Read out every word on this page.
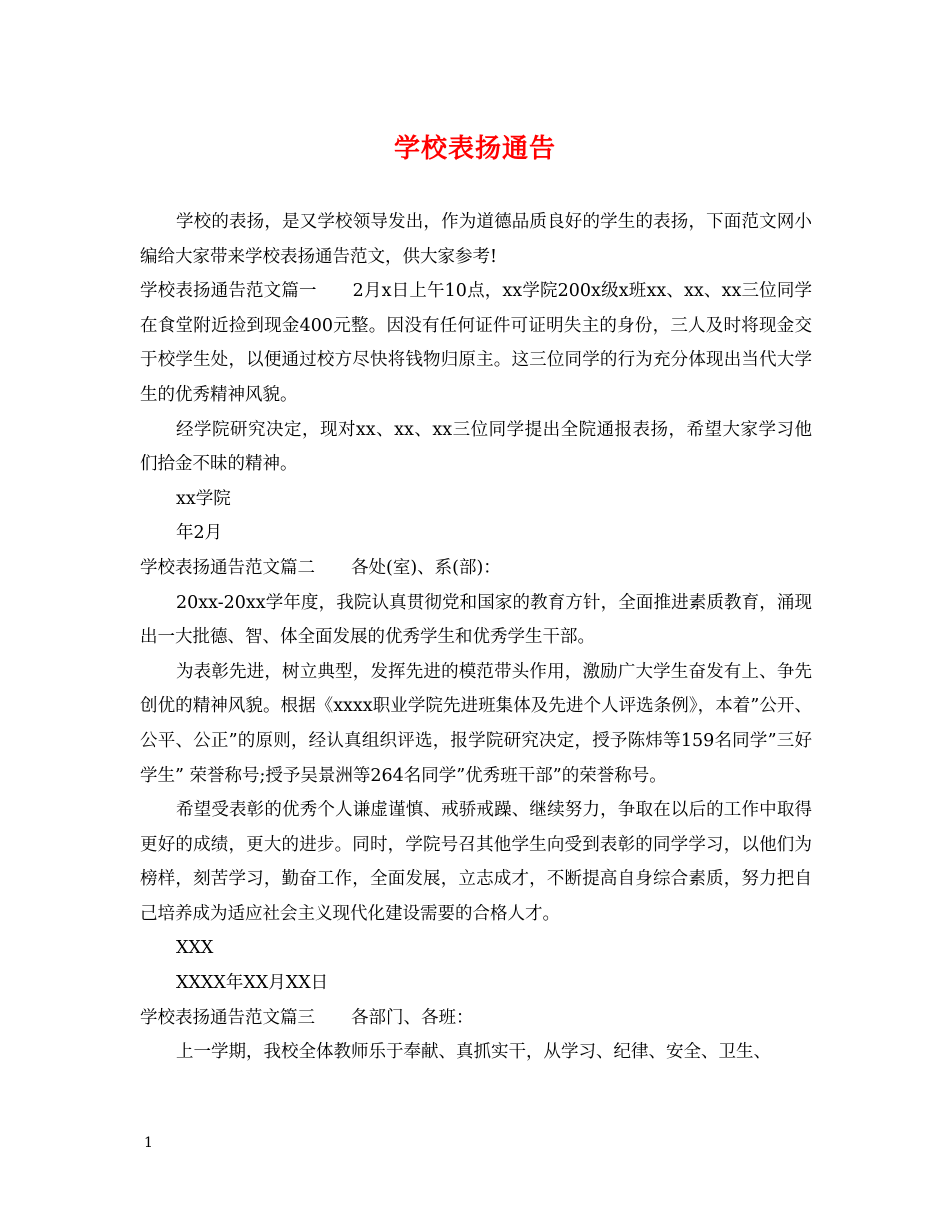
学校表扬通告

学校的表扬，是又学校领导发出，作为道德品质良好的学生的表扬，下面范文网小编给大家带来学校表扬通告范文，供大家参考!

学校表扬通告范文篇一 2月x日上午10点，xx学院200x级x班xx、xx、xx三位同学在食堂附近捡到现金400元整。因没有任何证件可证明失主的身份，三人及时将现金交于校学生处，以便通过校方尽快将钱物归原主。这三位同学的行为充分体现出当代大学生的优秀精神风貌。

经学院研究决定，现对xx、xx、xx三位同学提出全院通报表扬，希望大家学习他们拾金不昧的精神。

xx学院

年2月

学校表扬通告范文篇二 各处(室)、系(部)：

20xx-20xx学年度，我院认真贯彻党和国家的教育方针，全面推进素质教育，涌现出一大批德、智、体全面发展的优秀学生和优秀学生干部。

为表彰先进，树立典型，发挥先进的模范带头作用，激励广大学生奋发有上、争先创优的精神风貌。根据《xxxx职业学院先进班集体及先进个人评选条例》，本着”公开、公平、公正”的原则，经认真组织评选，报学院研究决定，授予陈炜等159名同学”三好学生” 荣誉称号;授予吴景洲等264名同学”优秀班干部”的荣誉称号。

希望受表彰的优秀个人谦虚谨慎、戒骄戒躁、继续努力，争取在以后的工作中取得更好的成绩，更大的进步。同时，学院号召其他学生向受到表彰的同学学习，以他们为榜样，刻苦学习，勤奋工作，全面发展，立志成才，不断提高自身综合素质，努力把自己培养成为适应社会主义现代化建设需要的合格人才。

XXX

XXXX年XX月XX日

学校表扬通告范文篇三 各部门、各班：

上一学期，我校全体教师乐于奉献、真抓实干，从学习、纪律、安全、卫生、

1
